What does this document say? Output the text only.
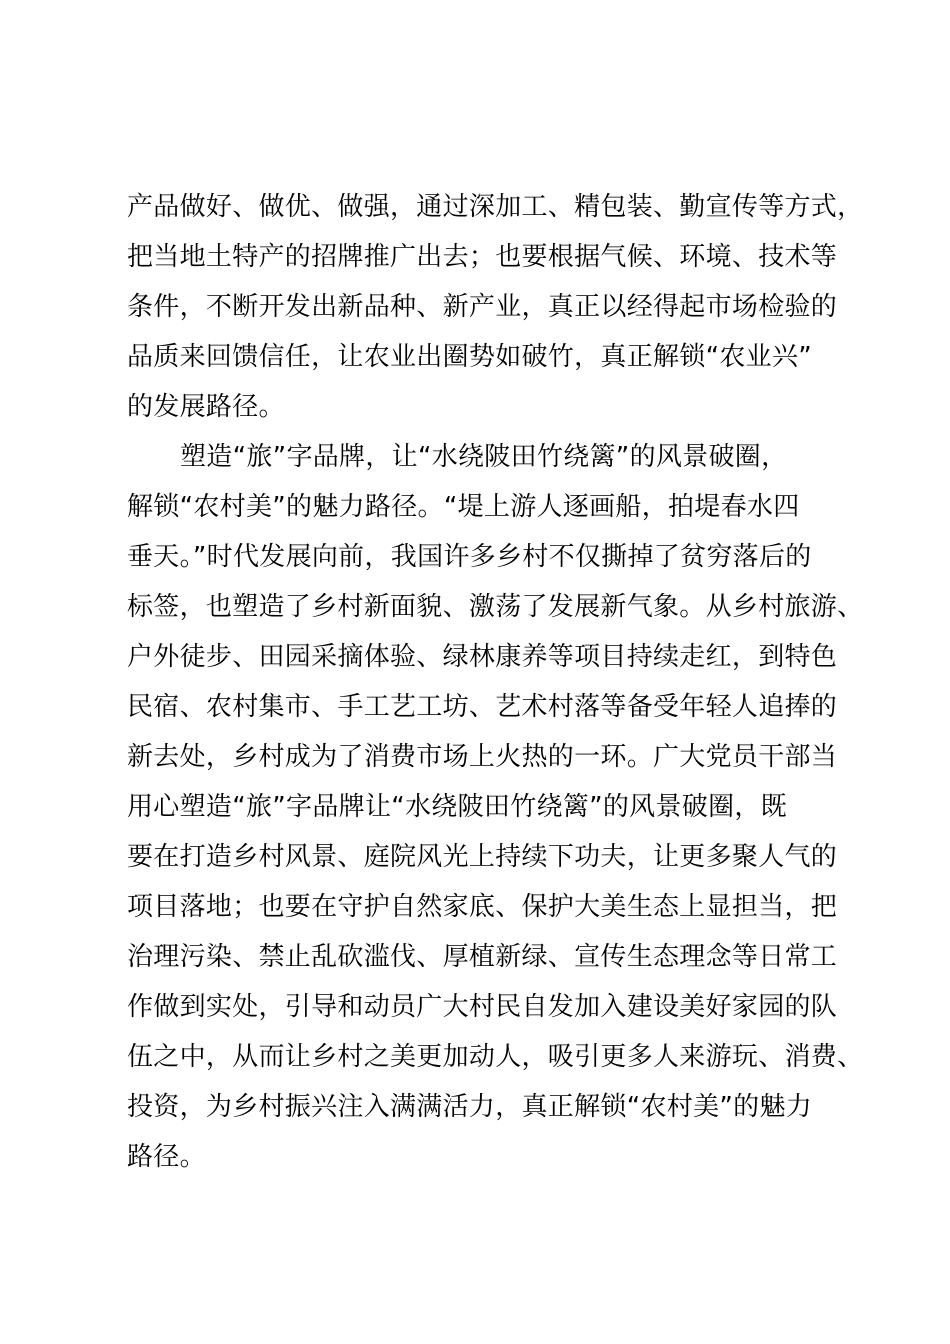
产品做好、做优、做强，通过深加工、精包装、勤宣传等方式，
把当地土特产的招牌推广出去；也要根据气候、环境、技术等
条件，不断开发出新品种、新产业，真正以经得起市场检验的
品质来回馈信任，让农业出圈势如破竹，真正解锁“农业兴”
的发展路径。
塑造“旅”字品牌，让“水绕陂田竹绕篱”的风景破圈，
解锁“农村美”的魅力路径。“堤上游人逐画船，拍堤春水四
垂天。”时代发展向前，我国许多乡村不仅撕掉了贫穷落后的
标签，也塑造了乡村新面貌、激荡了发展新气象。从乡村旅游、
户外徒步、田园采摘体验、绿林康养等项目持续走红，到特色
民宿、农村集市、手工艺工坊、艺术村落等备受年轻人追捧的
新去处，乡村成为了消费市场上火热的一环。广大党员干部当
用心塑造“旅”字品牌让“水绕陂田竹绕篱”的风景破圈，既
要在打造乡村风景、庭院风光上持续下功夫，让更多聚人气的
项目落地；也要在守护自然家底、保护大美生态上显担当，把
治理污染、禁止乱砍滥伐、厚植新绿、宣传生态理念等日常工
作做到实处，引导和动员广大村民自发加入建设美好家园的队
伍之中，从而让乡村之美更加动人，吸引更多人来游玩、消费、
投资，为乡村振兴注入满满活力，真正解锁“农村美”的魅力
路径。
